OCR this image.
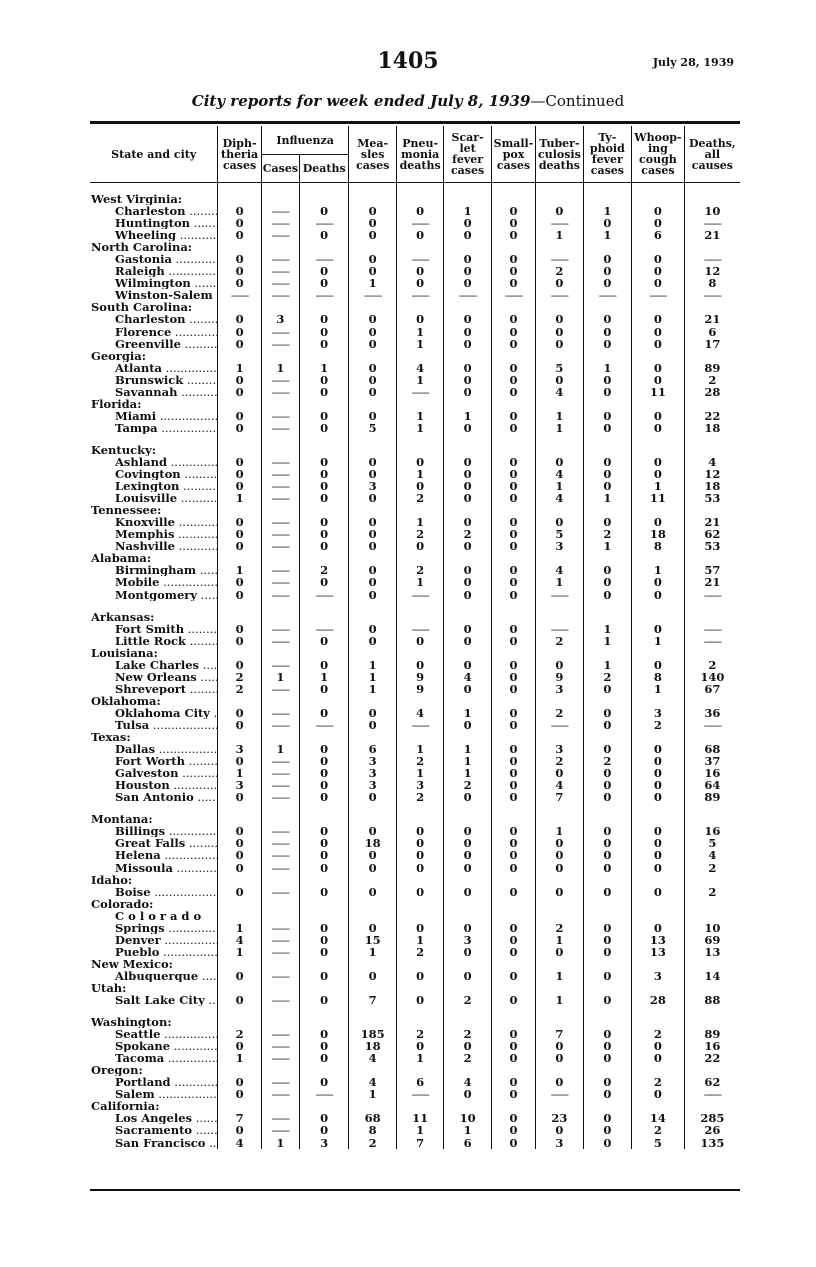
1405	July 28, 1939
City reports for week ended July 8, 1939—Continued
State and city	Diph-theria cases	Influenza		Mea-sles cases	Pneu-monia deaths	Scar-let fever cases	Small-pox cases	Tuber-culosis deaths	Ty-phoid fever cases	Whoop-ing cough cases	Deaths, all causes
		Cases	Deaths								

West Virginia:											
Charleston .....	0	------	0	0	0	1	0	0	1	0	10
Huntington .....	0	------	------	0	------	0	0	------	0	0	------
Wheeling .....	0	------	0	0	0	0	0	1	1	6	21
North Carolina:											
Gastonia .....	0	------	------	0	------	0	0	------	0	0	------
Raleigh .....	0	------	0	0	0	0	0	2	0	0	12
Wilmington .....	0	------	0	1	0	0	0	0	0	0	8
Winston-Salem .....	------	------	------	------	------	------	------	------	------	------	------
South Carolina:											
Charleston .....	0	3	0	0	0	0	0	0	0	0	21
Florence .....	0	------	0	0	1	0	0	0	0	0	6
Greenville .....	0	------	0	0	1	0	0	0	0	0	17
Georgia:											
Atlanta .....	1	1	1	0	4	0	0	5	1	0	89
Brunswick .....	0	------	0	0	1	0	0	0	0	0	2
Savannah .....	0	------	0	0	------	0	0	4	0	11	28
Florida:											
Miami .....	0	------	0	0	1	1	0	1	0	0	22
Tampa .....	0	------	0	5	1	0	0	1	0	0	18

Kentucky:											
Ashland .....	0	------	0	0	0	0	0	0	0	0	4
Covington .....	0	------	0	0	1	0	0	4	0	0	12
Lexington .....	0	------	0	3	0	0	0	1	0	1	18
Louisville .....	1	------	0	0	2	0	0	4	1	11	53
Tennessee:											
Knoxville .....	0	------	0	0	1	0	0	0	0	0	21
Memphis .....	0	------	0	0	2	2	0	5	2	18	62
Nashville .....	0	------	0	0	0	0	0	3	1	8	53
Alabama:											
Birmingham .....	1	------	2	0	2	0	0	4	0	1	57
Mobile .....	0	------	0	0	1	0	0	1	0	0	21
Montgomery .....	0	------	------	0	------	0	0	------	0	0	------

Arkansas:											
Fort Smith .....	0	------	------	0	------	0	0	------	1	0	------
Little Rock .....	0	------	0	0	0	0	0	2	1	1	------
Louisiana:											
Lake Charles .....	0	------	0	1	0	0	0	0	1	0	2
New Orleans .....	2	1	1	1	9	4	0	9	2	8	140
Shreveport .....	2	------	0	1	9	0	0	3	0	1	67
Oklahoma:											
Oklahoma City .....	0	------	0	0	4	1	0	2	0	3	36
Tulsa .....	0	------	------	0	------	0	0	------	0	2	------
Texas:											
Dallas .....	3	1	0	6	1	1	0	3	0	0	68
Fort Worth .....	0	------	0	3	2	1	0	2	2	0	37
Galveston .....	1	------	0	3	1	1	0	0	0	0	16
Houston .....	3	------	0	3	3	2	0	4	0	0	64
San Antonio .....	0	------	0	0	2	0	0	7	0	0	89

Montana:											
Billings .....	0	------	0	0	0	0	0	1	0	0	16
Great Falls .....	0	------	0	18	0	0	0	0	0	0	5
Helena .....	0	------	0	0	0	0	0	0	0	0	4
Missoula .....	0	------	0	0	0	0	0	0	0	0	2
Idaho:											
Boise .....	0	------	0	0	0	0	0	0	0	0	2
Colorado:											
C o l o r a d o											
Springs .....	1	------	0	0	0	0	0	2	0	0	10
Denver .....	4	------	0	15	1	3	0	1	0	13	69
Pueblo .....	1	------	0	1	2	0	0	0	0	13	13
New Mexico:											
Albuquerque .....	0	------	0	0	0	0	0	1	0	3	14
Utah:											
Salt Lake City .....	0	------	0	7	0	2	0	1	0	28	88

Washington:											
Seattle .....	2	------	0	185	2	2	0	7	0	2	89
Spokane .....	0	------	0	18	0	0	0	0	0	0	16
Tacoma .....	1	------	0	4	1	2	0	0	0	0	22
Oregon:											
Portland .....	0	------	0	4	6	4	0	0	0	2	62
Salem .....	0	------	------	1	------	0	0	------	0	0	------
California:											
Los Angeles .....	7	------	0	68	11	10	0	23	0	14	285
Sacramento .....	0	------	0	8	1	1	0	0	0	2	26
San Francisco .....	4	1	3	2	7	6	0	3	0	5	135
